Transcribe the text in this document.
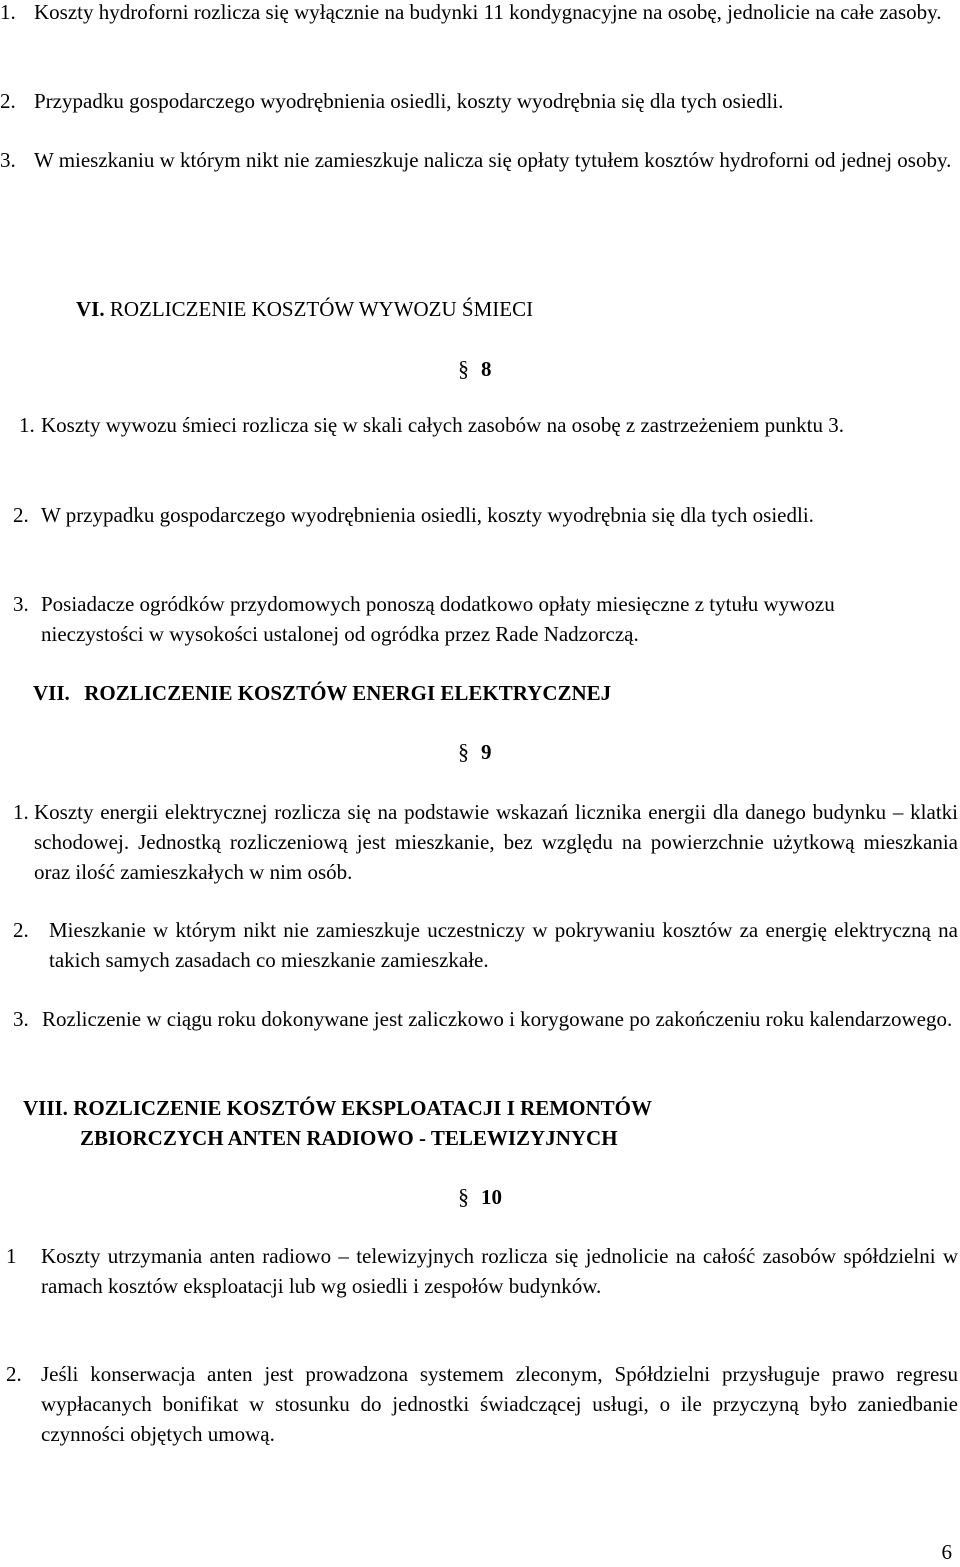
1. Koszty hydroforni rozlicza się wyłącznie na budynki 11 kondygnacyjne na osobę, jednolicie na całe zasoby.
2. Przypadku gospodarczego wyodrębnienia osiedli, koszty wyodrębnia się dla tych osiedli.
3. W mieszkaniu w którym nikt nie zamieszkuje nalicza się opłaty tytułem kosztów hydroforni od jednej osoby.
VI. ROZLICZENIE KOSZTÓW WYWOZU ŚMIECI
§ 8
1. Koszty wywozu śmieci rozlicza się w skali całych zasobów na osobę z zastrzeżeniem punktu 3.
2. W przypadku gospodarczego wyodrębnienia osiedli, koszty wyodrębnia się dla tych osiedli.
3. Posiadacze ogródków przydomowych ponoszą dodatkowo opłaty miesięczne z tytułu wywozu nieczystości w wysokości ustalonej od ogródka przez Rade Nadzorczą.
VII. ROZLICZENIE KOSZTÓW ENERGI ELEKTRYCZNEJ
§ 9
1. Koszty energii elektrycznej rozlicza się na podstawie wskazań licznika energii dla danego budynku – klatki schodowej. Jednostką rozliczeniową jest mieszkanie, bez względu na powierzchnie użytkową mieszkania oraz ilość zamieszkałych w nim osób.
2. Mieszkanie w którym nikt nie zamieszkuje uczestniczy w pokrywaniu kosztów za energię elektryczną na takich samych zasadach co mieszkanie zamieszkałe.
3. Rozliczenie w ciągu roku dokonywane jest zaliczkowo i korygowane po zakończeniu roku kalendarzowego.
VIII. ROZLICZENIE KOSZTÓW EKSPLOATACJI I REMONTÓW
ZBIORCZYCH ANTEN RADIOWO - TELEWIZYJNYCH
§ 10
1	Koszty utrzymania anten radiowo – telewizyjnych rozlicza się jednolicie na całość zasobów spółdzielni w ramach kosztów eksploatacji lub wg osiedli i zespołów budynków.
2. Jeśli konserwacja anten jest prowadzona systemem zleconym, Spółdzielni przysługuje prawo regresu wypłacanych bonifikat w stosunku do jednostki świadczącej usługi, o ile przyczyną było zaniedbanie czynności objętych umową.
6
